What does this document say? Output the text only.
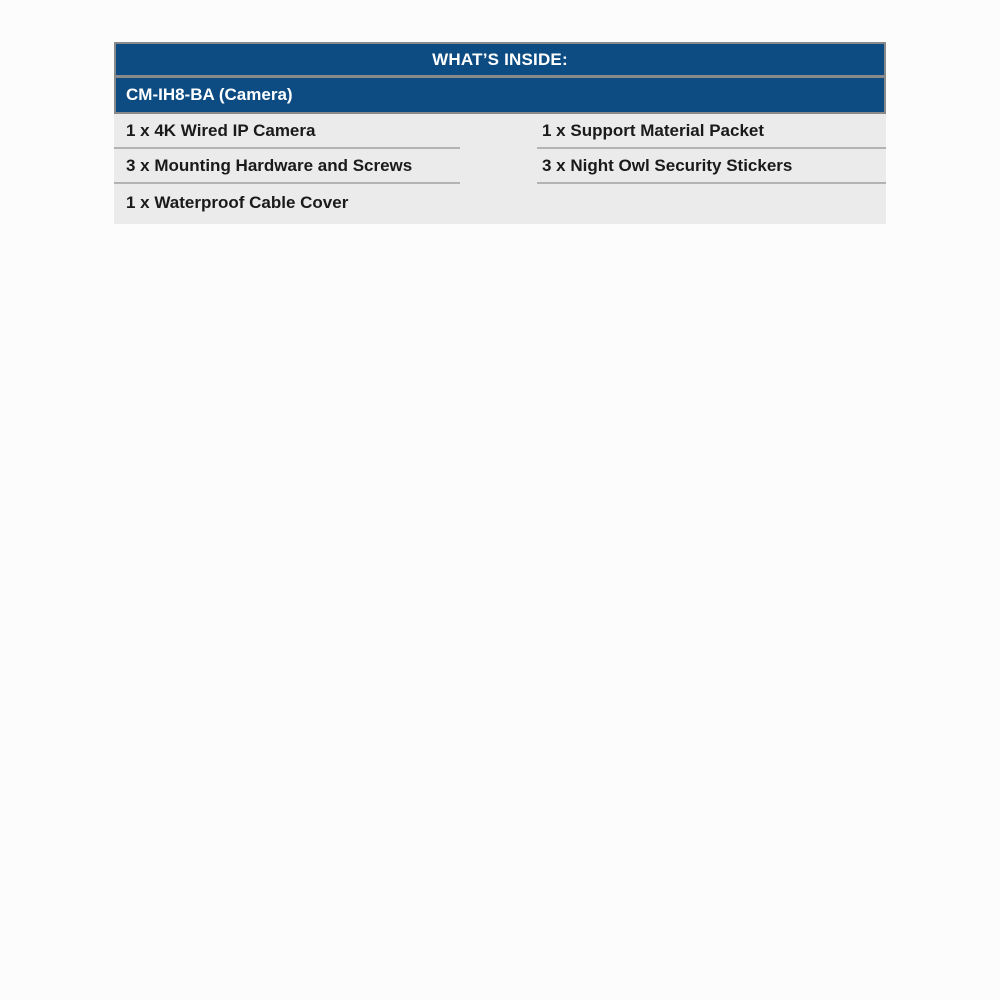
WHAT’S INSIDE:
CM-IH8-BA (Camera)
1 x 4K Wired IP Camera
3 x Mounting Hardware and Screws
1 x Waterproof Cable Cover
1 x Support Material Packet
3 x Night Owl Security Stickers
